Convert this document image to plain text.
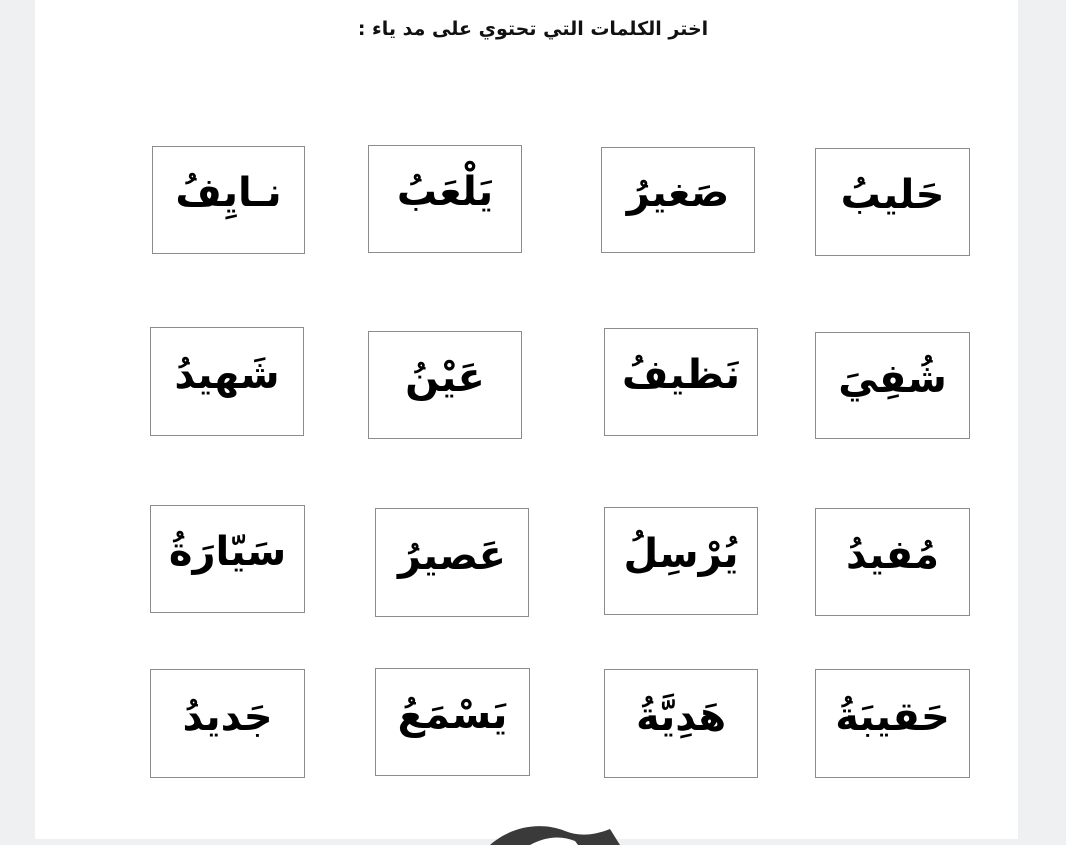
اختر الكلمات التي تحتوي على مد ياء :
حَليبُ
صَغيرُ
يَلْعَبُ
نـايِفُ
شُفِيَ
نَظيفُ
عَيْنُ
شَهيدُ
مُفيدُ
يُرْسِلُ
عَصيرُ
سَيّارَةُ
حَقيبَةُ
هَدِيَّةُ
يَسْمَعُ
جَديدُ
